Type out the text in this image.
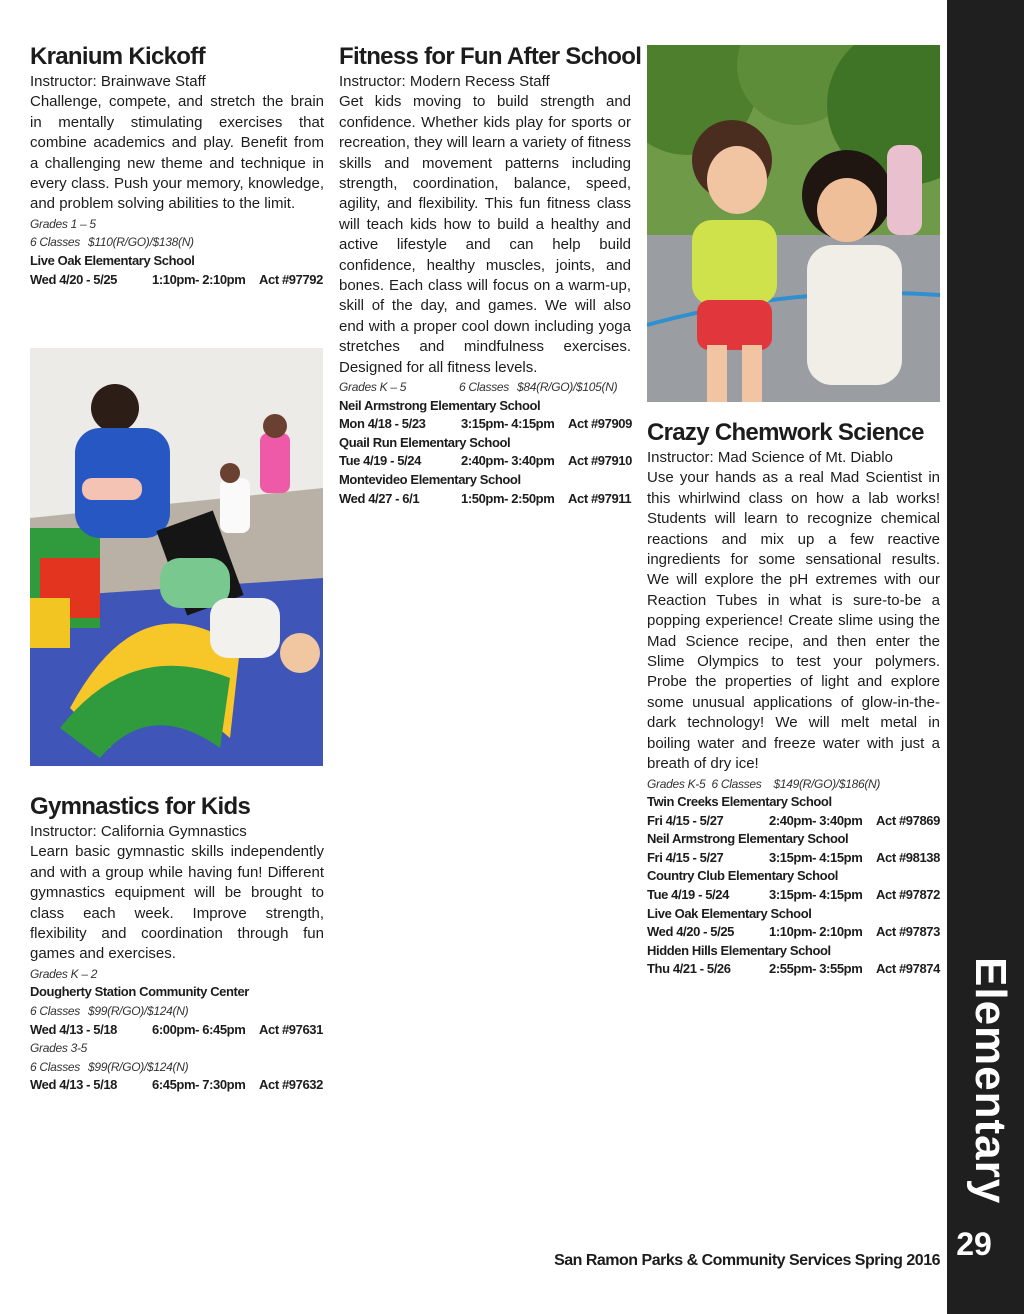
Kranium Kickoff
Instructor: Brainwave Staff
Challenge, compete, and stretch the brain in mentally stimulating exercises that combine academics and play. Benefit from a challenging new theme and technique in every class. Push your memory, knowledge, and problem solving abilities to the limit.
Grades 1 – 5
6 Classes $110(R/GO)/$138(N)
Live Oak Elementary School
Wed 4/20 - 5/25	1:10pm- 2:10pm Act #97792
Gymnastics for Kids
Instructor: California Gymnastics
Learn basic gymnastic skills independently and with a group while having fun! Different gymnastics equipment will be brought to class each week. Improve strength, flexibility and coordination through fun games and exercises.
Grades K – 2
Dougherty Station Community Center
6 Classes $99(R/GO)/$124(N)
Wed 4/13 - 5/18	6:00pm- 6:45pm Act #97631
Grades 3-5
6 Classes $99(R/GO)/$124(N)
Wed 4/13 - 5/18	6:45pm- 7:30pm Act #97632
Fitness for Fun After School
Instructor: Modern Recess Staff
Get kids moving to build strength and confidence. Whether kids play for sports or recreation, they will learn a variety of fitness skills and movement patterns including strength, coordination, balance, speed, agility, and flexibility. This fun fitness class will teach kids how to build a healthy and active lifestyle and can help build confidence, healthy muscles, joints, and bones. Each class will focus on a warm-up, skill of the day, and games. We will also end with a proper cool down including yoga stretches and mindfulness exercises. Designed for all fitness levels.
Grades K – 5	6 Classes $84(R/GO)/$105(N)
Neil Armstrong Elementary School
Mon 4/18 - 5/23	3:15pm- 4:15pm Act #97909
Quail Run Elementary School
Tue 4/19 - 5/24	2:40pm- 3:40pm Act #97910
Montevideo Elementary School
Wed 4/27 - 6/1	1:50pm- 2:50pm Act #97911
Crazy Chemwork Science
Instructor: Mad Science of Mt. Diablo
Use your hands as a real Mad Scientist in this whirlwind class on how a lab works! Students will learn to recognize chemical reactions and mix up a few reactive ingredients for some sensational results. We will explore the pH extremes with our Reaction Tubes in what is sure-to-be a popping experience! Create slime using the Mad Science recipe, and then enter the Slime Olympics to test your polymers. Probe the properties of light and explore some unusual applications of glow-in-the-dark technology! We will melt metal in boiling water and freeze water with just a breath of dry ice!
Grades K-5 6 Classes $149(R/GO)/$186(N)
Twin Creeks Elementary School
Fri 4/15 - 5/27	2:40pm- 3:40pm Act #97869
Neil Armstrong Elementary School
Fri 4/15 - 5/27	3:15pm- 4:15pm Act #98138
Country Club Elementary School
Tue 4/19 - 5/24	3:15pm- 4:15pm Act #97872
Live Oak Elementary School
Wed 4/20 - 5/25	1:10pm- 2:10pm Act #97873
Hidden Hills Elementary School
Thu 4/21 - 5/26	2:55pm- 3:55pm Act #97874 Elementary
29
San Ramon Parks & Community Services Spring 2016
